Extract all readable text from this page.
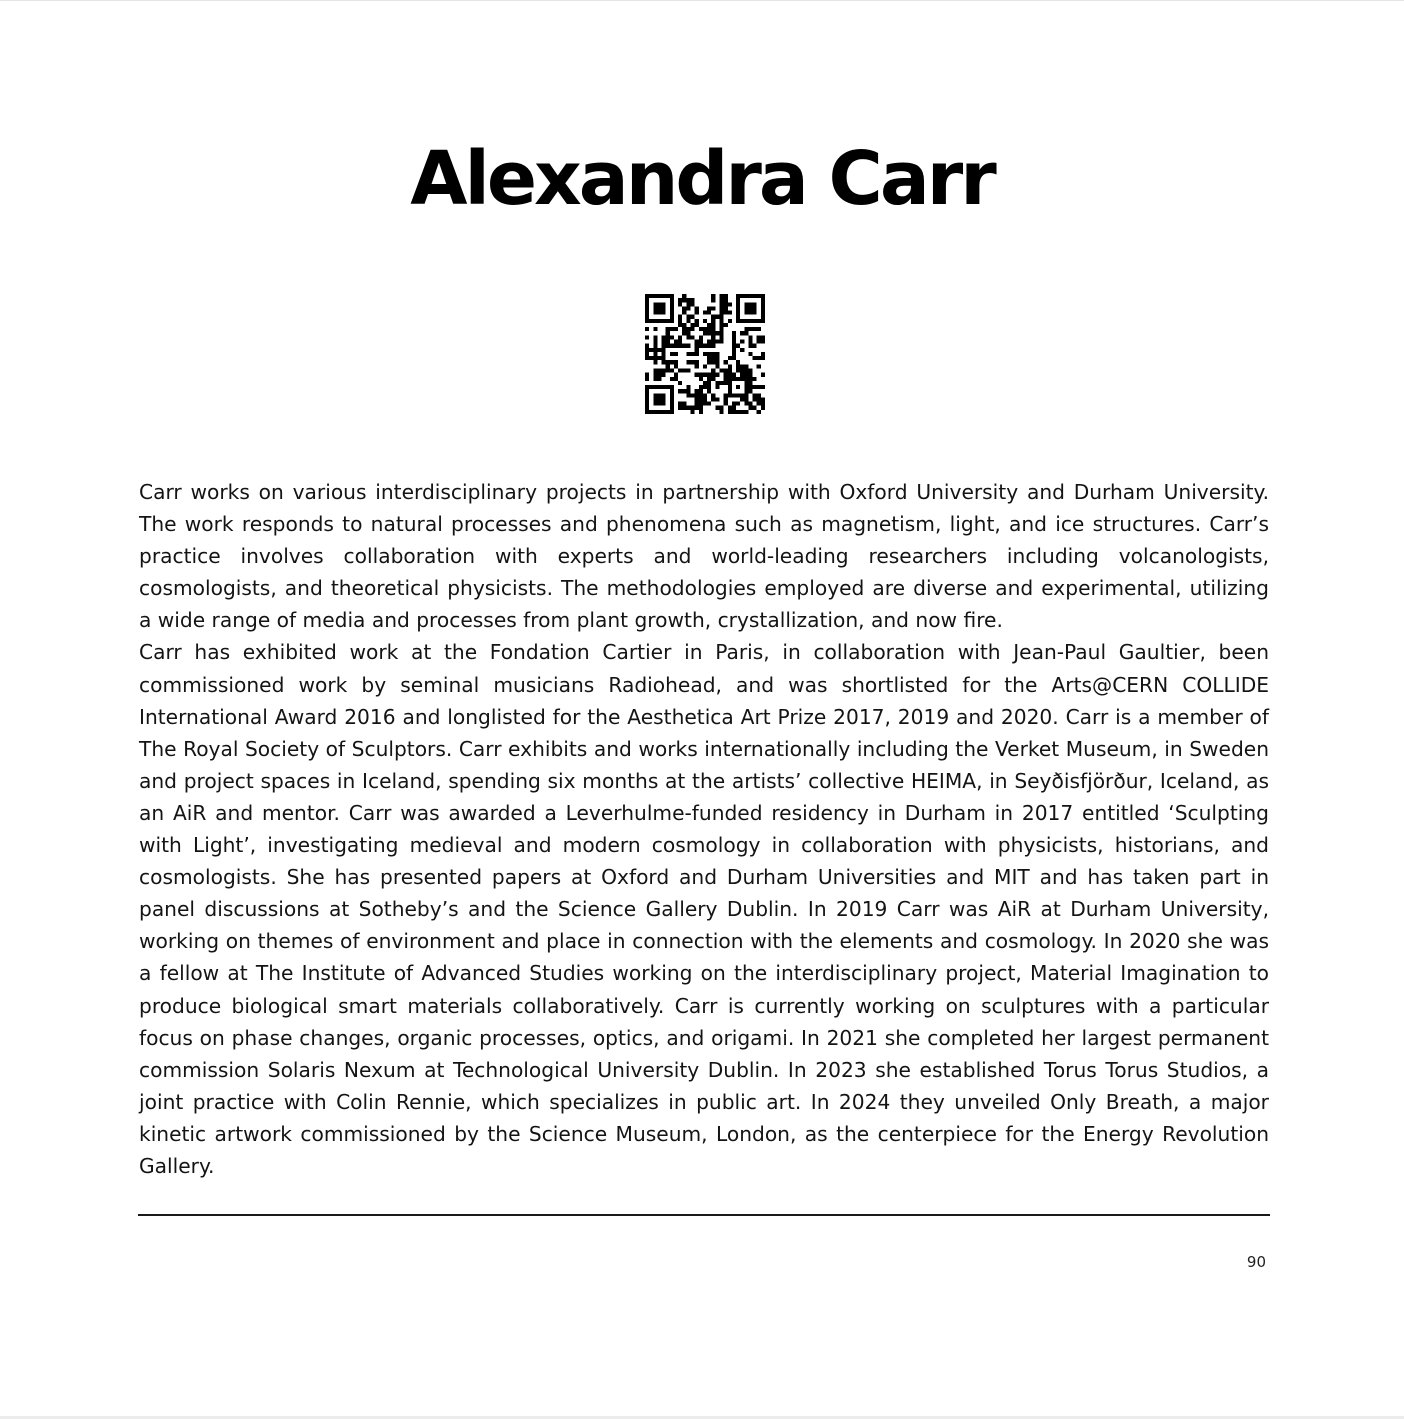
Alexandra Carr

Carr works on various interdisciplinary projects in partnership with Oxford University and Durham University. The work responds to natural processes and phenomena such as magnetism, light, and ice structures. Carr’s practice involves collaboration with experts and world-leading researchers including volcanologists, cosmologists, and theoretical physicists. The methodologies employed are diverse and experimental, utilizing a wide range of media and processes from plant growth, crystallization, and now fire.

Carr has exhibited work at the Fondation Cartier in Paris, in collaboration with Jean-Paul Gaultier, been commissioned work by seminal musicians Radiohead, and was shortlisted for the Arts@CERN COLLIDE International Award 2016 and longlisted for the Aesthetica Art Prize 2017, 2019 and 2020. Carr is a member of The Royal Society of Sculptors. Carr exhibits and works internationally including the Verket Museum, in Sweden and project spaces in Iceland, spending six months at the artists’ collective HEIMA, in Seyðisfjörður, Iceland, as an AiR and mentor. Carr was awarded a Leverhulme-funded residency in Durham in 2017 entitled ‘Sculpting with Light’, investigating medieval and modern cosmology in collaboration with physicists, historians, and cosmologists. She has presented papers at Oxford and Durham Universities and MIT and has taken part in panel discussions at Sotheby’s and the Science Gallery Dublin. In 2019 Carr was AiR at Durham University, working on themes of environment and place in connection with the elements and cosmology. In 2020 she was a fellow at The Institute of Advanced Studies working on the interdisciplinary project, Material Imagination to produce biological smart materials collaboratively. Carr is currently working on sculptures with a particular focus on phase changes, organic processes, optics, and origami. In 2021 she completed her largest permanent commission Solaris Nexum at Technological University Dublin. In 2023 she established Torus Torus Studios, a joint practice with Colin Rennie, which specializes in public art. In 2024 they unveiled Only Breath, a major kinetic artwork commissioned by the Science Museum, London, as the centerpiece for the Energy Revolution Gallery.

90
